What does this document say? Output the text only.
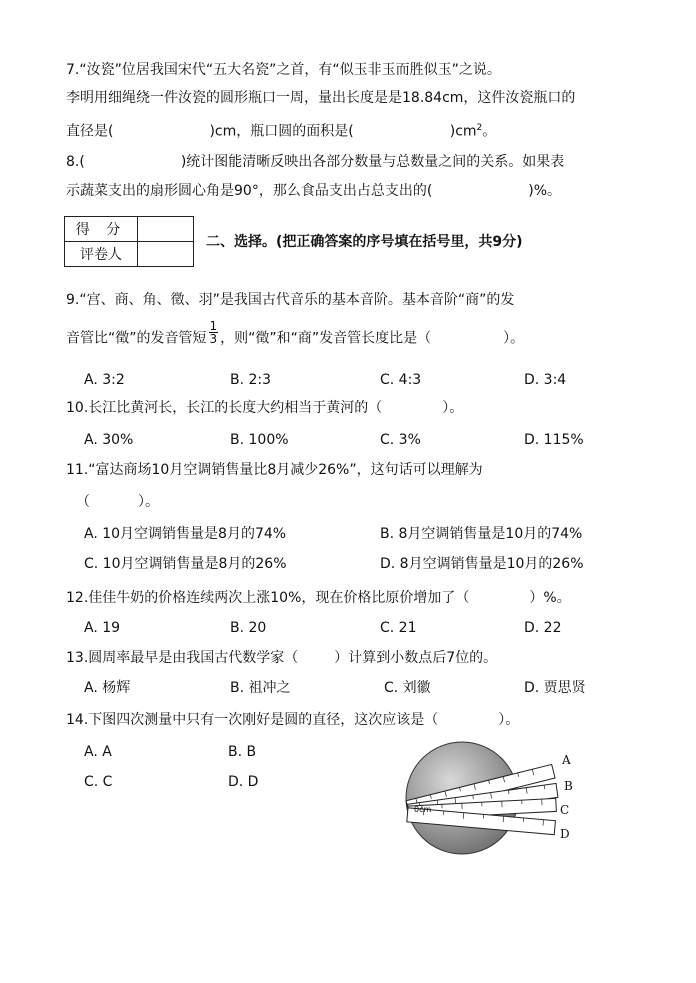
7.“汝瓷”位居我国宋代“五大名瓷”之首，有“似玉非玉而胜似玉”之说。
李明用细绳绕一件汝瓷的圆形瓶口一周，量出长度是是18.84cm，这件汝瓷瓶口的
直径是(	)cm，瓶口圆的面积是(	)$cm^2$。
8.(	)统计图能清晰反映出各部分数量与总数量之间的关系。如果表
示蔬菜支出的扇形圆心角是90°，那么食品支出占总支出的(	)%。
得 分	
评卷人	
二、选择。(把正确答案的序号填在括号里，共9分)
9.“宫、商、角、徵、羽”是我国古代音乐的基本音阶。基本音阶“商”的发
音管比“徵”的发音管短 $\frac{1}{3}$ ，则“徵”和“商”发音管长度比是（	）。
A. 3:2	B. 2:3	C. 4:3	D. 3:4
10.长江比黄河长，长江的长度大约相当于黄河的（	）。
A. 30%	B. 100%	C. 3%	D. 115%
11.“富达商场10月空调销售量比8月减少26%”，这句话可以理解为
（	）。
A. 10月空调销售量是8月的74%	B. 8月空调销售量是10月的74%
C. 10月空调销售量是8月的26%	D. 8月空调销售量是10月的26%
12.佳佳牛奶的价格连续两次上涨10%，现在价格比原价增加了（	）%。
A. 19	B. 20	C. 21	D. 22
13.圆周率最早是由我国古代数学家（	）计算到小数点后7位的。
A. 杨辉	B. 祖冲之	C. 刘徽	D. 贾思贤
14.下图四次测量中只有一次刚好是圆的直径，这次应该是（	）。
A. A	B. B
C. C	D. D
0cm
A
B
C
D
